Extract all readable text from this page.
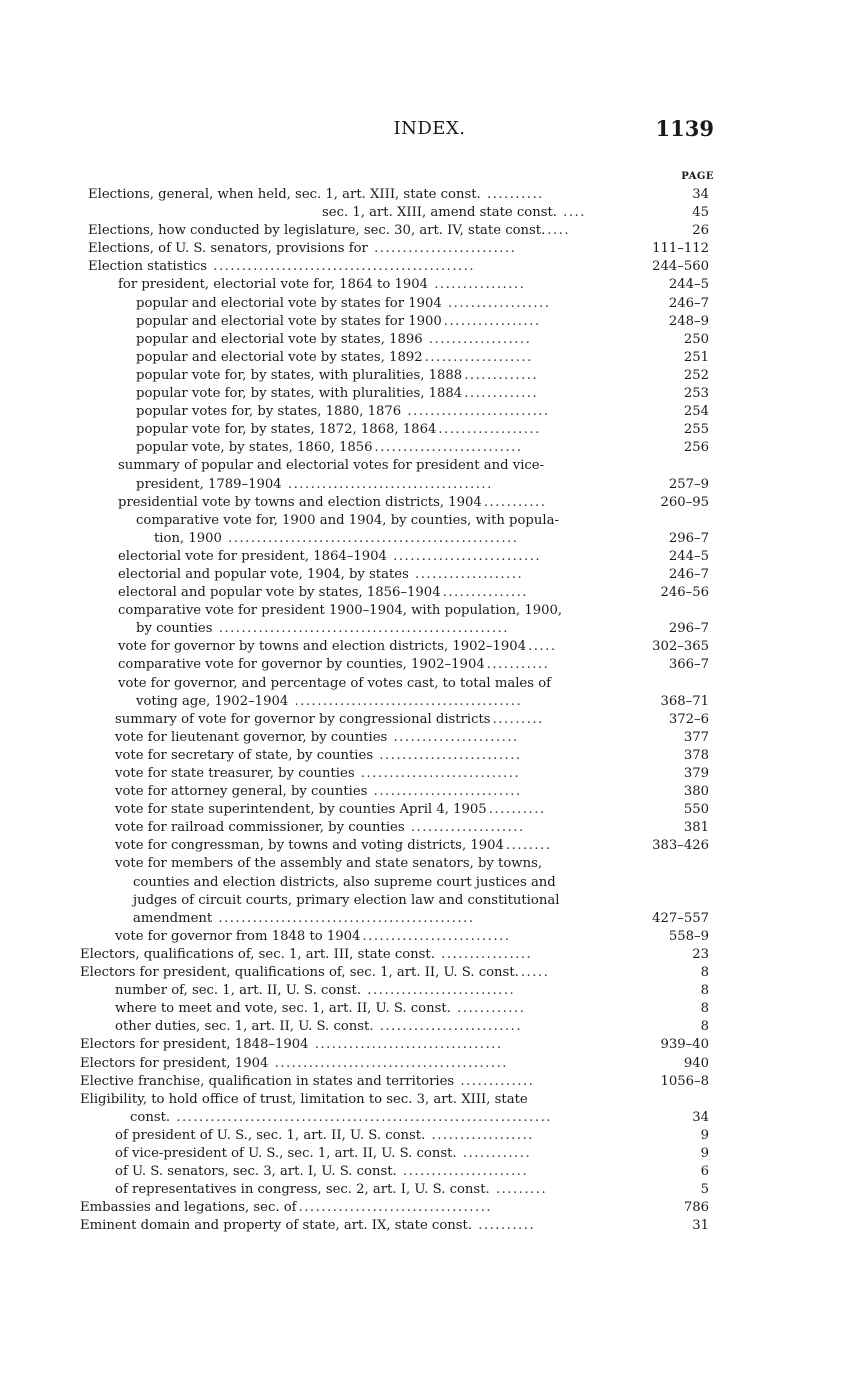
INDEX.	1139
PAGE
Elections, general, when held, sec. 1, art. XIII, state const. ..........	34
sec. 1, art. XIII, amend state const. ....	45
Elections, how conducted by legislature, sec. 30, art. IV, state const. ....	26
Elections, of U. S. senators, provisions for .........................	111–112
Election statistics ..............................................	244–560
for president, electorial vote for, 1864 to 1904 ................	244–5
popular and electorial vote by states for 1904 ..................	246–7
popular and electorial vote by states for 1900 .................	248–9
popular and electorial vote by states, 1896 ..................	250
popular and electorial vote by states, 1892 ...................	251
popular vote for, by states, with pluralities, 1888 .............	252
popular vote for, by states, with pluralities, 1884 .............	253
popular votes for, by states, 1880, 1876 .........................	254
popular vote for, by states, 1872, 1868, 1864 ..................	255
popular vote, by states, 1860, 1856 ..........................	256
summary of popular and electorial votes for president and vice-
president, 1789–1904 ....................................	257–9
presidential vote by towns and election districts, 1904 ...........	260–95
comparative vote for, 1900 and 1904, by counties, with popula-
tion, 1900 ...................................................	296–7
electorial vote for president, 1864–1904 ..........................	244–5
electorial and popular vote, 1904, by states ...................	246–7
electoral and popular vote by states, 1856–1904 ...............	246–56
comparative vote for president 1900–1904, with population, 1900,
by counties ...................................................	296–7
vote for governor by towns and election districts, 1902–1904 .....	302–365
comparative vote for governor by counties, 1902–1904 ...........	366–7
vote for governor, and percentage of votes cast, to total males of
voting age, 1902–1904 ........................................	368–71
summary of vote for governor by congressional districts .........	372–6
vote for lieutenant governor, by counties ......................	377
vote for secretary of state, by counties .........................	378
vote for state treasurer, by counties ............................	379
vote for attorney general, by counties ..........................	380
vote for state superintendent, by counties April 4, 1905 ..........	550
vote for railroad commissioner, by counties ....................	381
vote for congressman, by towns and voting districts, 1904 ........	383–426
vote for members of the assembly and state senators, by towns,
counties and election districts, also supreme court justices and
judges of circuit courts, primary election law and constitutional
amendment .............................................	427–557
vote for governor from 1848 to 1904 ..........................	558–9
Electors, qualifications of, sec. 1, art. III, state const. ................	23
Electors for president, qualifications of, sec. 1, art. II, U. S. const. .....	8
number of, sec. 1, art. II, U. S. const. ..........................	8
where to meet and vote, sec. 1, art. II, U. S. const. ............	8
other duties, sec. 1, art. II, U. S. const. .........................	8
Electors for president, 1848–1904 .................................	939–40
Electors for president, 1904 .........................................	940
Elective franchise, qualification in states and territories .............	1056–8
Eligibility, to hold office of trust, limitation to sec. 3, art. XIII, state
const. ..................................................................	34
of president of U. S., sec. 1, art. II, U. S. const. ..................	9
of vice-president of U. S., sec. 1, art. II, U. S. const. ............	9
of U. S. senators, sec. 3, art. I, U. S. const. ......................	6
of representatives in congress, sec. 2, art. I, U. S. const. .........	5
Embassies and legations, sec. of ..................................	786
Eminent domain and property of state, art. IX, state const. ..........	31
